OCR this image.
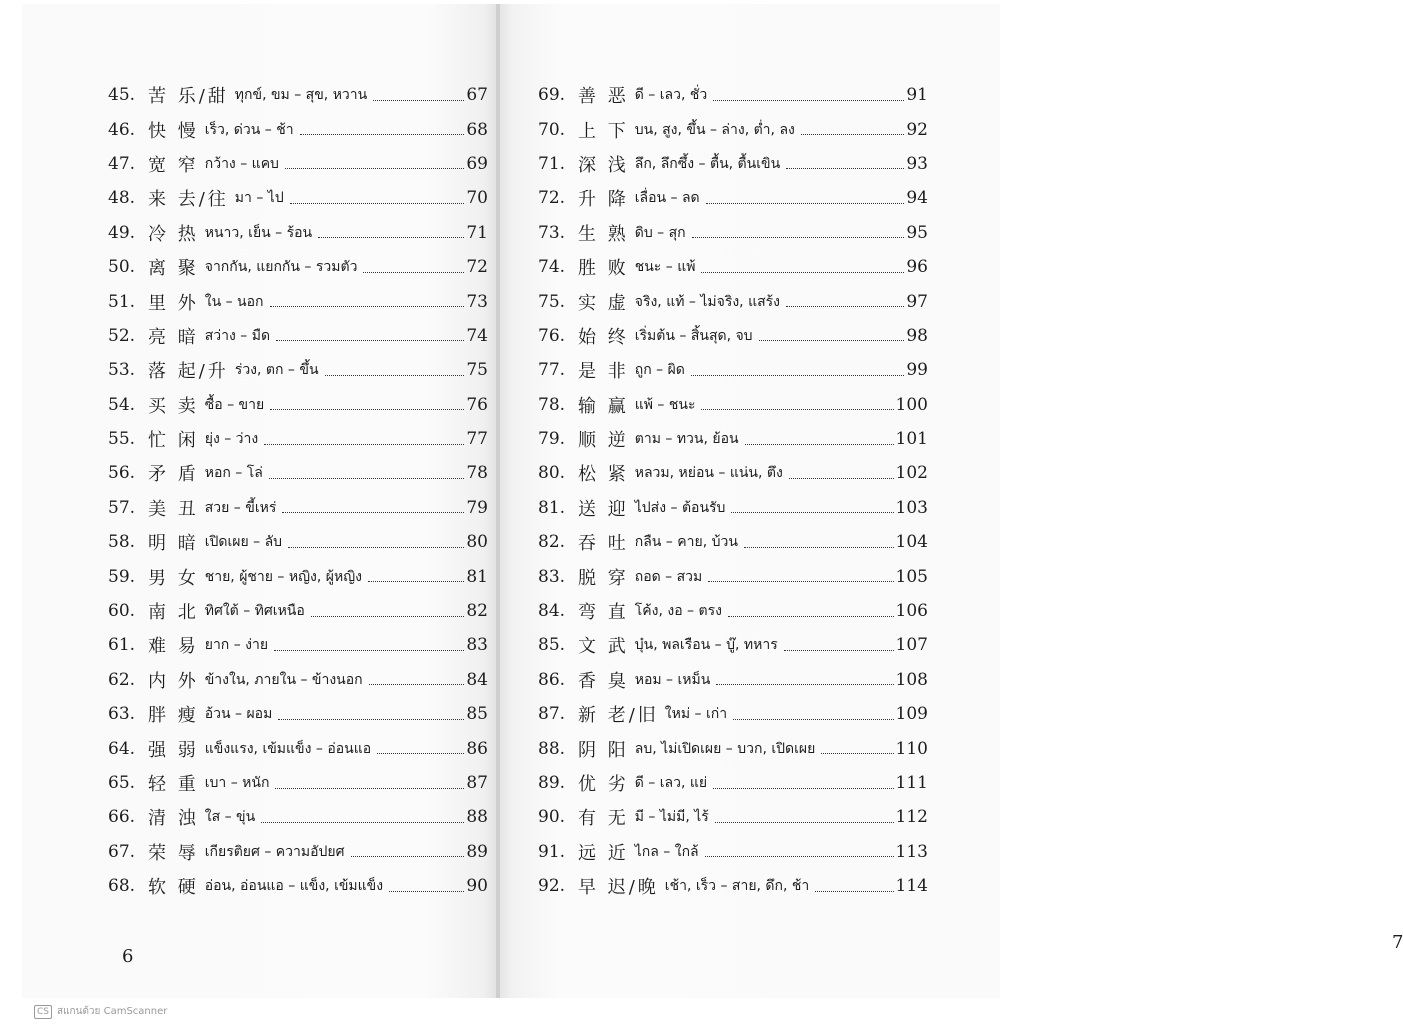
6
7
45. 苦 乐/甜 ทุกข์, ขม – สุข, หวาน	67
46. 快 慢 เร็ว, ด่วน – ช้า	68
47. 宽 窄 กว้าง – แคบ	69
48. 来 去/往 มา – ไป	70
49. 冷 热 หนาว, เย็น – ร้อน	71
50. 离 聚 จากกัน, แยกกัน – รวมตัว	72
51. 里 外 ใน – นอก	73
52. 亮 暗 สว่าง – มืด	74
53. 落 起/升 ร่วง, ตก – ขึ้น	75
54. 买 卖 ซื้อ – ขาย	76
55. 忙 闲 ยุ่ง – ว่าง	77
56. 矛 盾 หอก – โล่	78
57. 美 丑 สวย – ขี้เหร่	79
58. 明 暗 เปิดเผย – ลับ	80
59. 男 女 ชาย, ผู้ชาย – หญิง, ผู้หญิง	81
60. 南 北 ทิศใต้ – ทิศเหนือ	82
61. 难 易 ยาก – ง่าย	83
62. 内 外 ข้างใน, ภายใน – ข้างนอก	84
63. 胖 瘦 อ้วน – ผอม	85
64. 强 弱 แข็งแรง, เข้มแข็ง – อ่อนแอ	86
65. 轻 重 เบา – หนัก	87
66. 清 浊 ใส – ขุ่น	88
67. 荣 辱 เกียรติยศ – ความอัปยศ	89
68. 软 硬 อ่อน, อ่อนแอ – แข็ง, เข้มแข็ง	90
69. 善 恶 ดี – เลว, ชั่ว	91
70. 上 下 บน, สูง, ขึ้น – ล่าง, ต่ำ, ลง	92
71. 深 浅 ลึก, ลึกซึ้ง – ตื้น, ตื้นเขิน	93
72. 升 降 เลื่อน – ลด	94
73. 生 熟 ดิบ – สุก	95
74. 胜 败 ชนะ – แพ้	96
75. 实 虚 จริง, แท้ – ไม่จริง, แสร้ง	97
76. 始 终 เริ่มต้น – สิ้นสุด, จบ	98
77. 是 非 ถูก – ผิด	99
78. 输 赢 แพ้ – ชนะ	100
79. 顺 逆 ตาม – ทวน, ย้อน	101
80. 松 紧 หลวม, หย่อน – แน่น, ตึง	102
81. 送 迎 ไปส่ง – ต้อนรับ	103
82. 吞 吐 กลืน – คาย, บ้วน	104
83. 脱 穿 ถอด – สวม	105
84. 弯 直 โค้ง, งอ – ตรง	106
85. 文 武 บุ๋น, พลเรือน – บู๊, ทหาร	107
86. 香 臭 หอม – เหม็น	108
87. 新 老/旧 ใหม่ – เก่า	109
88. 阴 阳 ลบ, ไม่เปิดเผย – บวก, เปิดเผย	110
89. 优 劣 ดี – เลว, แย่	111
90. 有 无 มี – ไม่มี, ไร้	112
91. 远 近 ไกล – ใกล้	113
92. 早 迟/晚 เช้า, เร็ว – สาย, ดึก, ช้า	114
CS สแกนด้วย CamScanner
